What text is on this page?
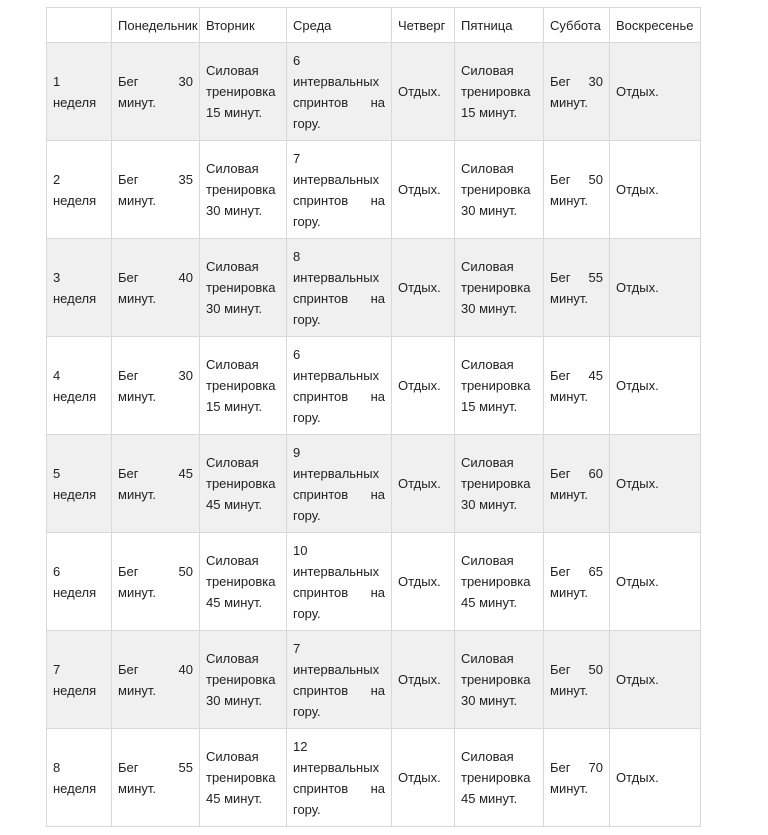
	Понедельник	Вторник	Среда	Четверг	Пятница	Суббота	Воскресенье

1
неделя	Бег 30
минут.	Силовая
тренировка
15 минут.	6
интервальных
спринтов на
гору.	Отдых.	Силовая
тренировка
15 минут.	Бег 30
минут.	Отдых.

2
неделя	Бег 35
минут.	Силовая
тренировка
30 минут.	7
интервальных
спринтов на
гору.	Отдых.	Силовая
тренировка
30 минут.	Бег 50
минут.	Отдых.

3
неделя	Бег 40
минут.	Силовая
тренировка
30 минут.	8
интервальных
спринтов на
гору.	Отдых.	Силовая
тренировка
30 минут.	Бег 55
минут.	Отдых.

4
неделя	Бег 30
минут.	Силовая
тренировка
15 минут.	6
интервальных
спринтов на
гору.	Отдых.	Силовая
тренировка
15 минут.	Бег 45
минут.	Отдых.

5
неделя	Бег 45
минут.	Силовая
тренировка
45 минут.	9
интервальных
спринтов на
гору.	Отдых.	Силовая
тренировка
30 минут.	Бег 60
минут.	Отдых.

6
неделя	Бег 50
минут.	Силовая
тренировка
45 минут.	10
интервальных
спринтов на
гору.	Отдых.	Силовая
тренировка
45 минут.	Бег 65
минут.	Отдых.

7
неделя	Бег 40
минут.	Силовая
тренировка
30 минут.	7
интервальных
спринтов на
гору.	Отдых.	Силовая
тренировка
30 минут.	Бег 50
минут.	Отдых.

8
неделя	Бег 55
минут.	Силовая
тренировка
45 минут.	12
интервальных
спринтов на
гору.	Отдых.	Силовая
тренировка
45 минут.	Бег 70
минут.	Отдых.
